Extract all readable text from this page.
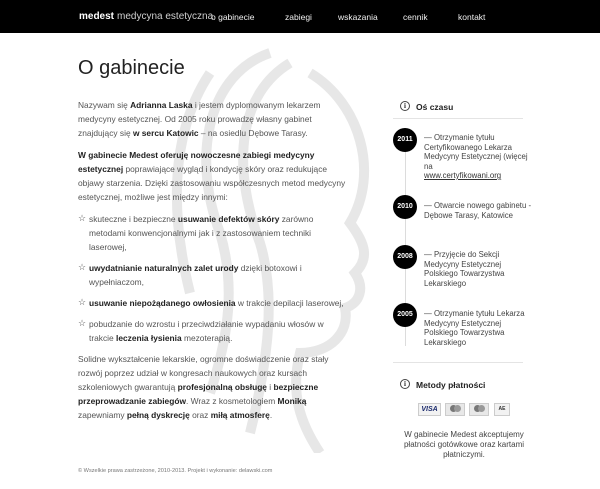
medest medycyna estetyczna
o gabinecie	zabiegi	wskazania	cennik	kontakt
O gabinecie

Nazywam się Adrianna Laska i jestem dyplomowanym lekarzem medycyny estetycznej. Od 2005 roku prowadzę własny gabinet znajdujący się w sercu Katowic – na osiedlu Dębowe Tarasy.

W gabinecie Medest oferuję nowoczesne zabiegi medycyny estetycznej poprawiające wygląd i kondycję skóry oraz redukujące objawy starzenia. Dzięki zastosowaniu współczesnych metod medycyny estetycznej, możliwe jest między innymi:

☆ skuteczne i bezpieczne usuwanie defektów skóry zarówno metodami konwencjonalnymi jak i z zastosowaniem techniki laserowej,
☆ uwydatnianie naturalnych zalet urody dzięki botoxowi i wypełniaczom,
☆ usuwanie niepożądanego owłosienia w trakcie depilacji laserowej,
☆ pobudzanie do wzrostu i przeciwdziałanie wypadaniu włosów w trakcie leczenia łysienia mezoterapią.

Solidne wykształcenie lekarskie, ogromne doświadczenie oraz stały rozwój poprzez udział w kongresach naukowych oraz kursach szkoleniowych gwarantują profesjonalną obsługę i bezpieczne przeprowadzanie zabiegów. Wraz z kosmetologiem Moniką zapewniamy pełną dyskrecję oraz miłą atmosferę.

i	Oś czasu
2011	— Otrzymanie tytułu Certyfikowanego Lekarza Medycyny Estetycznej (więcej na
www.certyfikowani.org
2010	— Otwarcie nowego gabinetu - Dębowe Tarasy, Katowice
2008	— Przyjęcie do Sekcji Medycyny Estetycznej Polskiego Towarzystwa Lekarskiego
2005	— Otrzymanie tytułu Lekarza Medycyny Estetycznej Polskiego Towarzystwa Lekarskiego
i	Metody płatności
VISA	AE
W gabinecie Medest akceptujemy płatności gotówkowe oraz kartami płatniczymi.
© Wszelkie prawa zastrzeżone, 2010-2013. Projekt i wykonanie: delawski.com
